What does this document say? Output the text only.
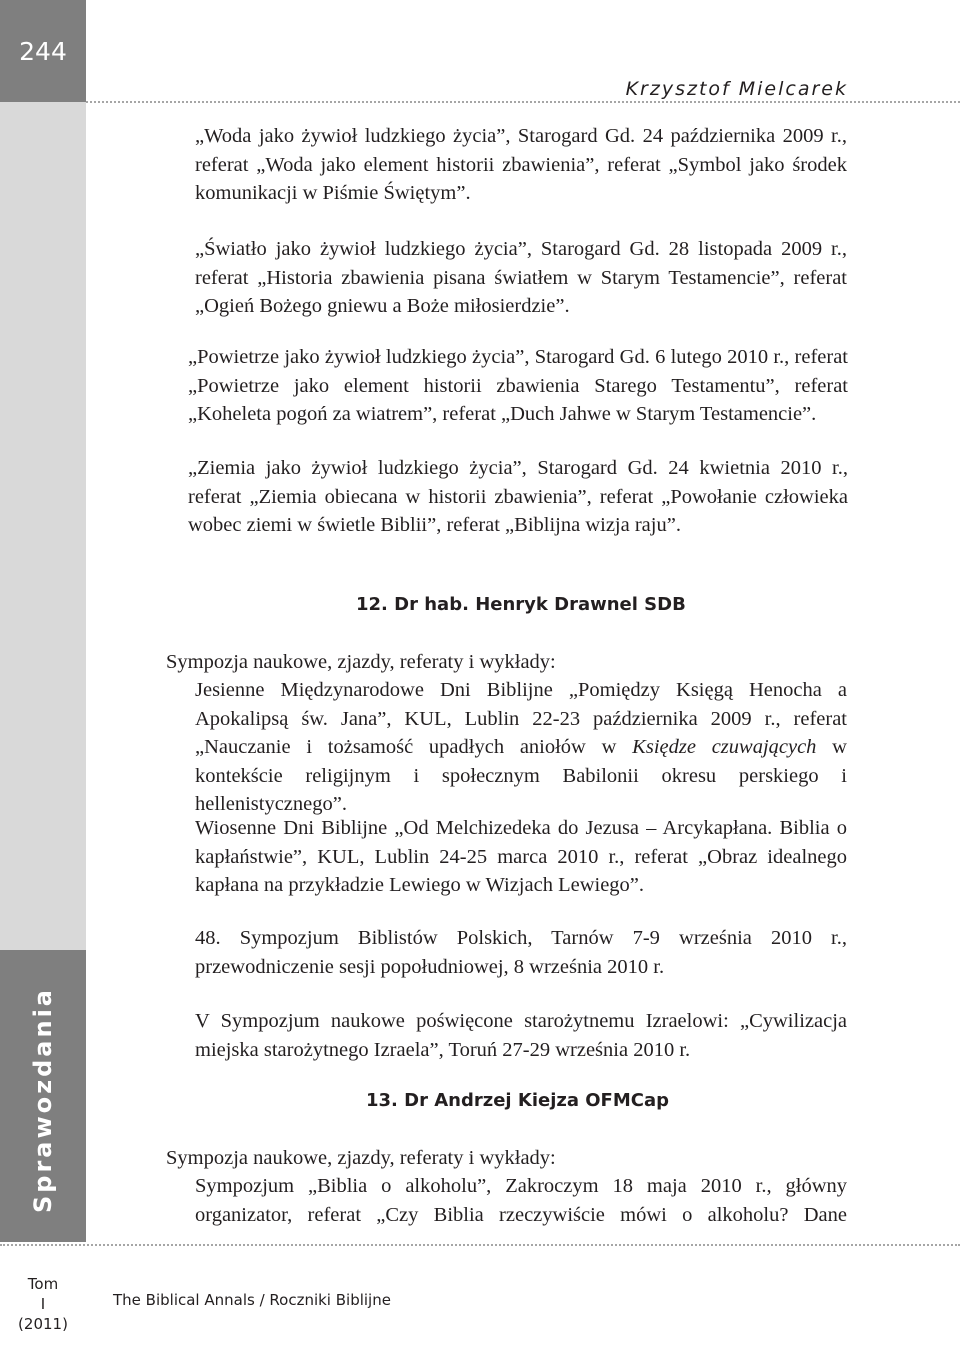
244
Sprawozdania
Krzysztof Mielcarek

„Woda jako żywioł ludzkiego życia”, Starogard Gd. 24 października 2009 r., referat „Woda jako element historii zbawienia”, referat „Symbol jako środek komunikacji w Piśmie Świętym”.

„Światło jako żywioł ludzkiego życia”, Starogard Gd. 28 listopada 2009 r., referat „Historia zbawienia pisana światłem w Starym Testamencie”, referat „Ogień Bożego gniewu a Boże miłosierdzie”.

„Powietrze jako żywioł ludzkiego życia”, Starogard Gd. 6 lutego 2010 r., referat „Powietrze jako element historii zbawienia Starego Testamentu”, referat „Koheleta pogoń za wiatrem”, referat „Duch Jahwe w Starym Testamencie”.

„Ziemia jako żywioł ludzkiego życia”, Starogard Gd. 24 kwietnia 2010 r., referat „Ziemia obiecana w historii zbawienia”, referat „Powołanie człowieka wobec ziemi w świetle Biblii”, referat „Biblijna wizja raju”.

12. Dr hab. Henryk Drawnel SDB

Sympozja naukowe, zjazdy, referaty i wykłady:

Jesienne Międzynarodowe Dni Biblijne „Pomiędzy Księgą Henocha a Apokalipsą św. Jana”, KUL, Lublin 22-23 października 2009 r., referat „Nauczanie i tożsamość upadłych aniołów w Księdze czuwających w kontekście religijnym i społecznym Babilonii okresu perskiego i hellenistycznego”.

Wiosenne Dni Biblijne „Od Melchizedeka do Jezusa – Arcykapłana. Biblia o kapłaństwie”, KUL, Lublin 24-25 marca 2010 r., referat „Obraz idealnego kapłana na przykładzie Lewiego w Wizjach Lewiego”.

48. Sympozjum Biblistów Polskich, Tarnów 7-9 września 2010 r., przewodniczenie sesji popołudniowej, 8 września 2010 r.

V Sympozjum naukowe poświęcone starożytnemu Izraelowi: „Cywilizacja miejska starożytnego Izraela”, Toruń 27-29 września 2010 r.

13. Dr Andrzej Kiejza OFMCap

Sympozja naukowe, zjazdy, referaty i wykłady:

Sympozjum „Biblia o alkoholu”, Zakroczym 18 maja 2010 r., główny organizator, referat „Czy Biblia rzeczywiście mówi o alkoholu? Dane

Tom
I
(2011)
The Biblical Annals / Roczniki Biblijne
